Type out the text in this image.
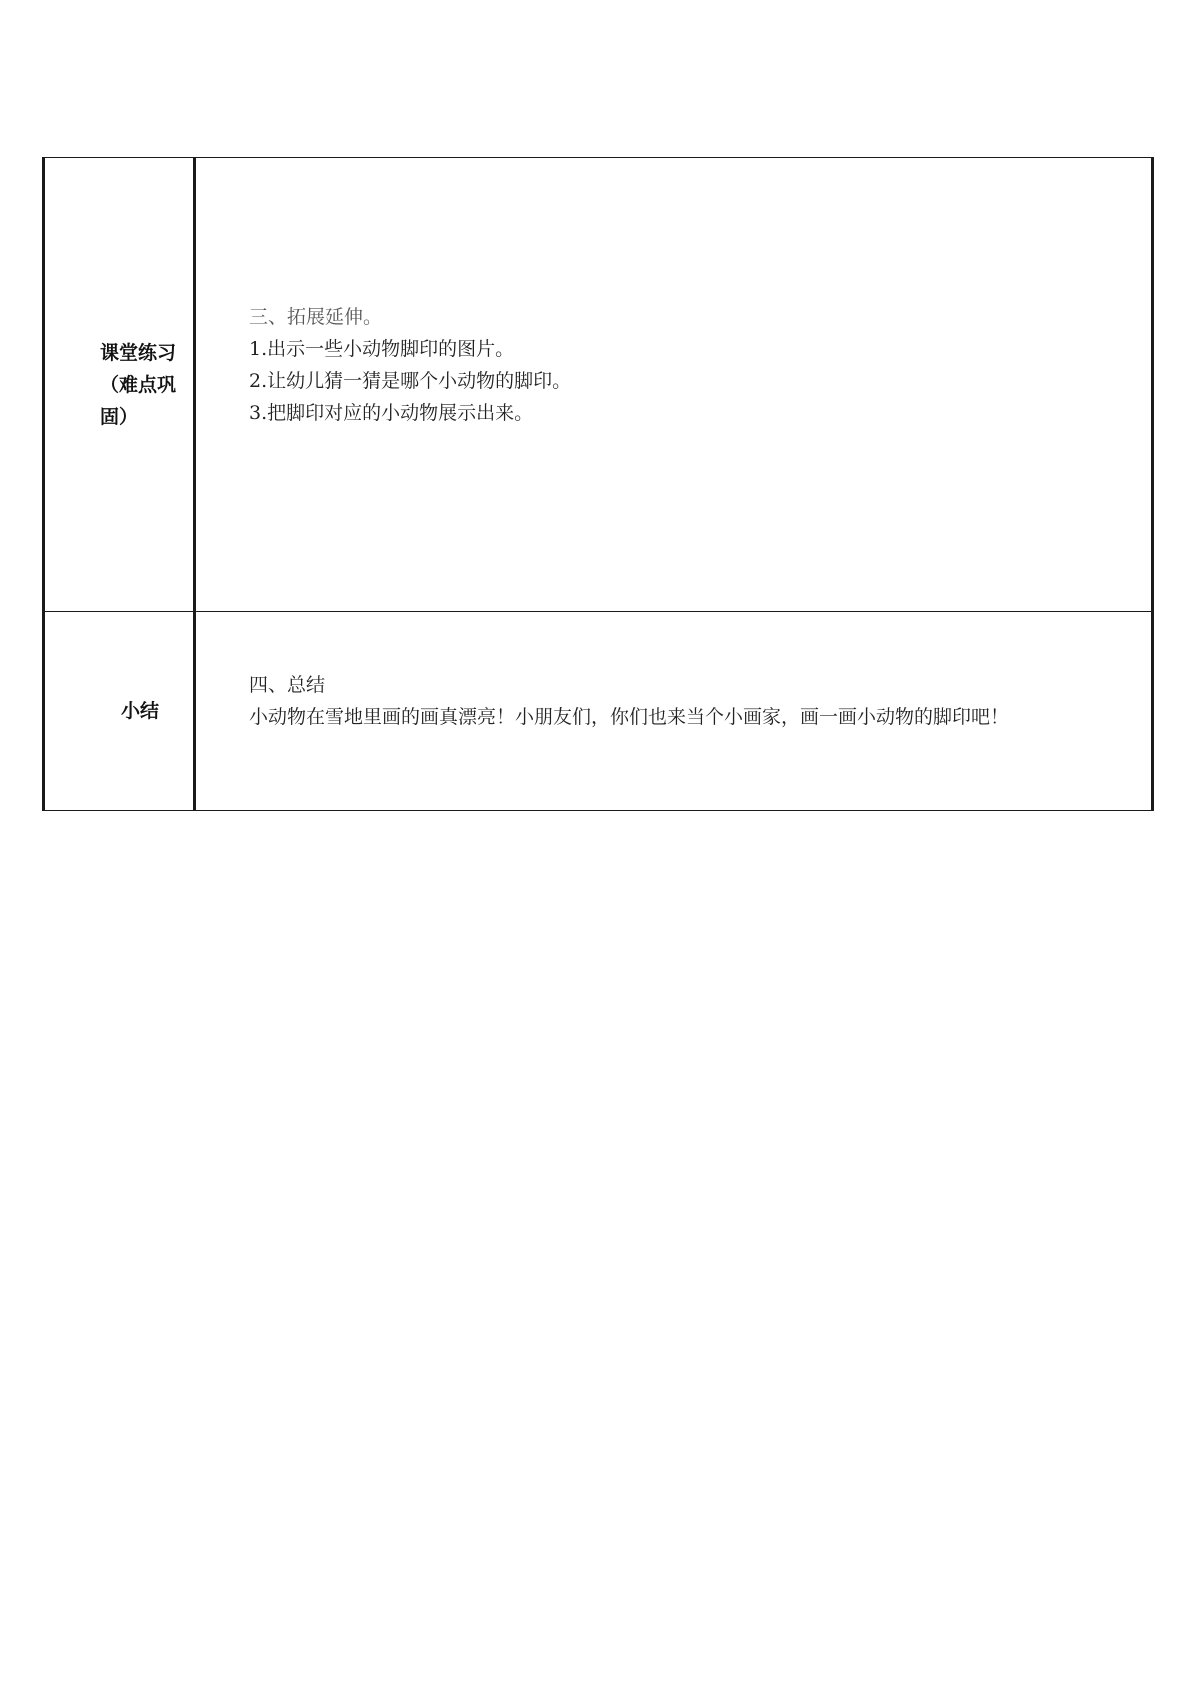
课堂练习
（难点巩
固）	三、拓展延伸。
1.出示一些小动物脚印的图片。
2.让幼儿猜一猜是哪个小动物的脚印。
3.把脚印对应的小动物展示出来。

小结	四、总结
小动物在雪地里画的画真漂亮！小朋友们，你们也来当个小画家，画一画小动物的脚印吧！
